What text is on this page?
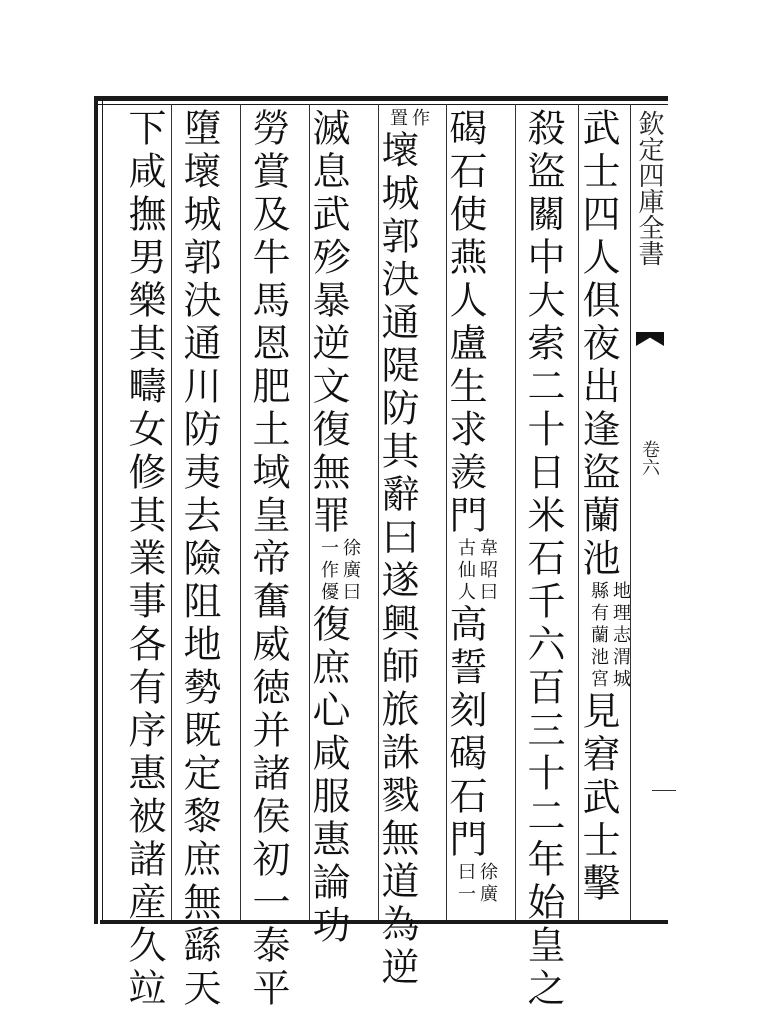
欽定四庫全書
卷六
武士四人俱夜出逢盜蘭池
地理志渭城
縣有蘭池宮
見窘武士擊
殺盜關中大索二十日米石千六百三十二年始皇之
碣石使燕人盧生求羨門
韋昭曰
古仙人
高誓刻碣石門
徐廣
曰一
作
置
壞城郭決通隄防其辭曰遂興師旅誅戮無道為逆
滅息武殄暴逆文復無罪
徐廣曰
一作優
復庶心咸服惠論功
勞賞及牛馬恩肥土域皇帝奮威徳并諸侯初一泰平
墮壞城郭決通川防夷去險阻地勢既定黎庶無繇天
下咸撫男樂其疇女修其業事各有序惠被諸産久竝
